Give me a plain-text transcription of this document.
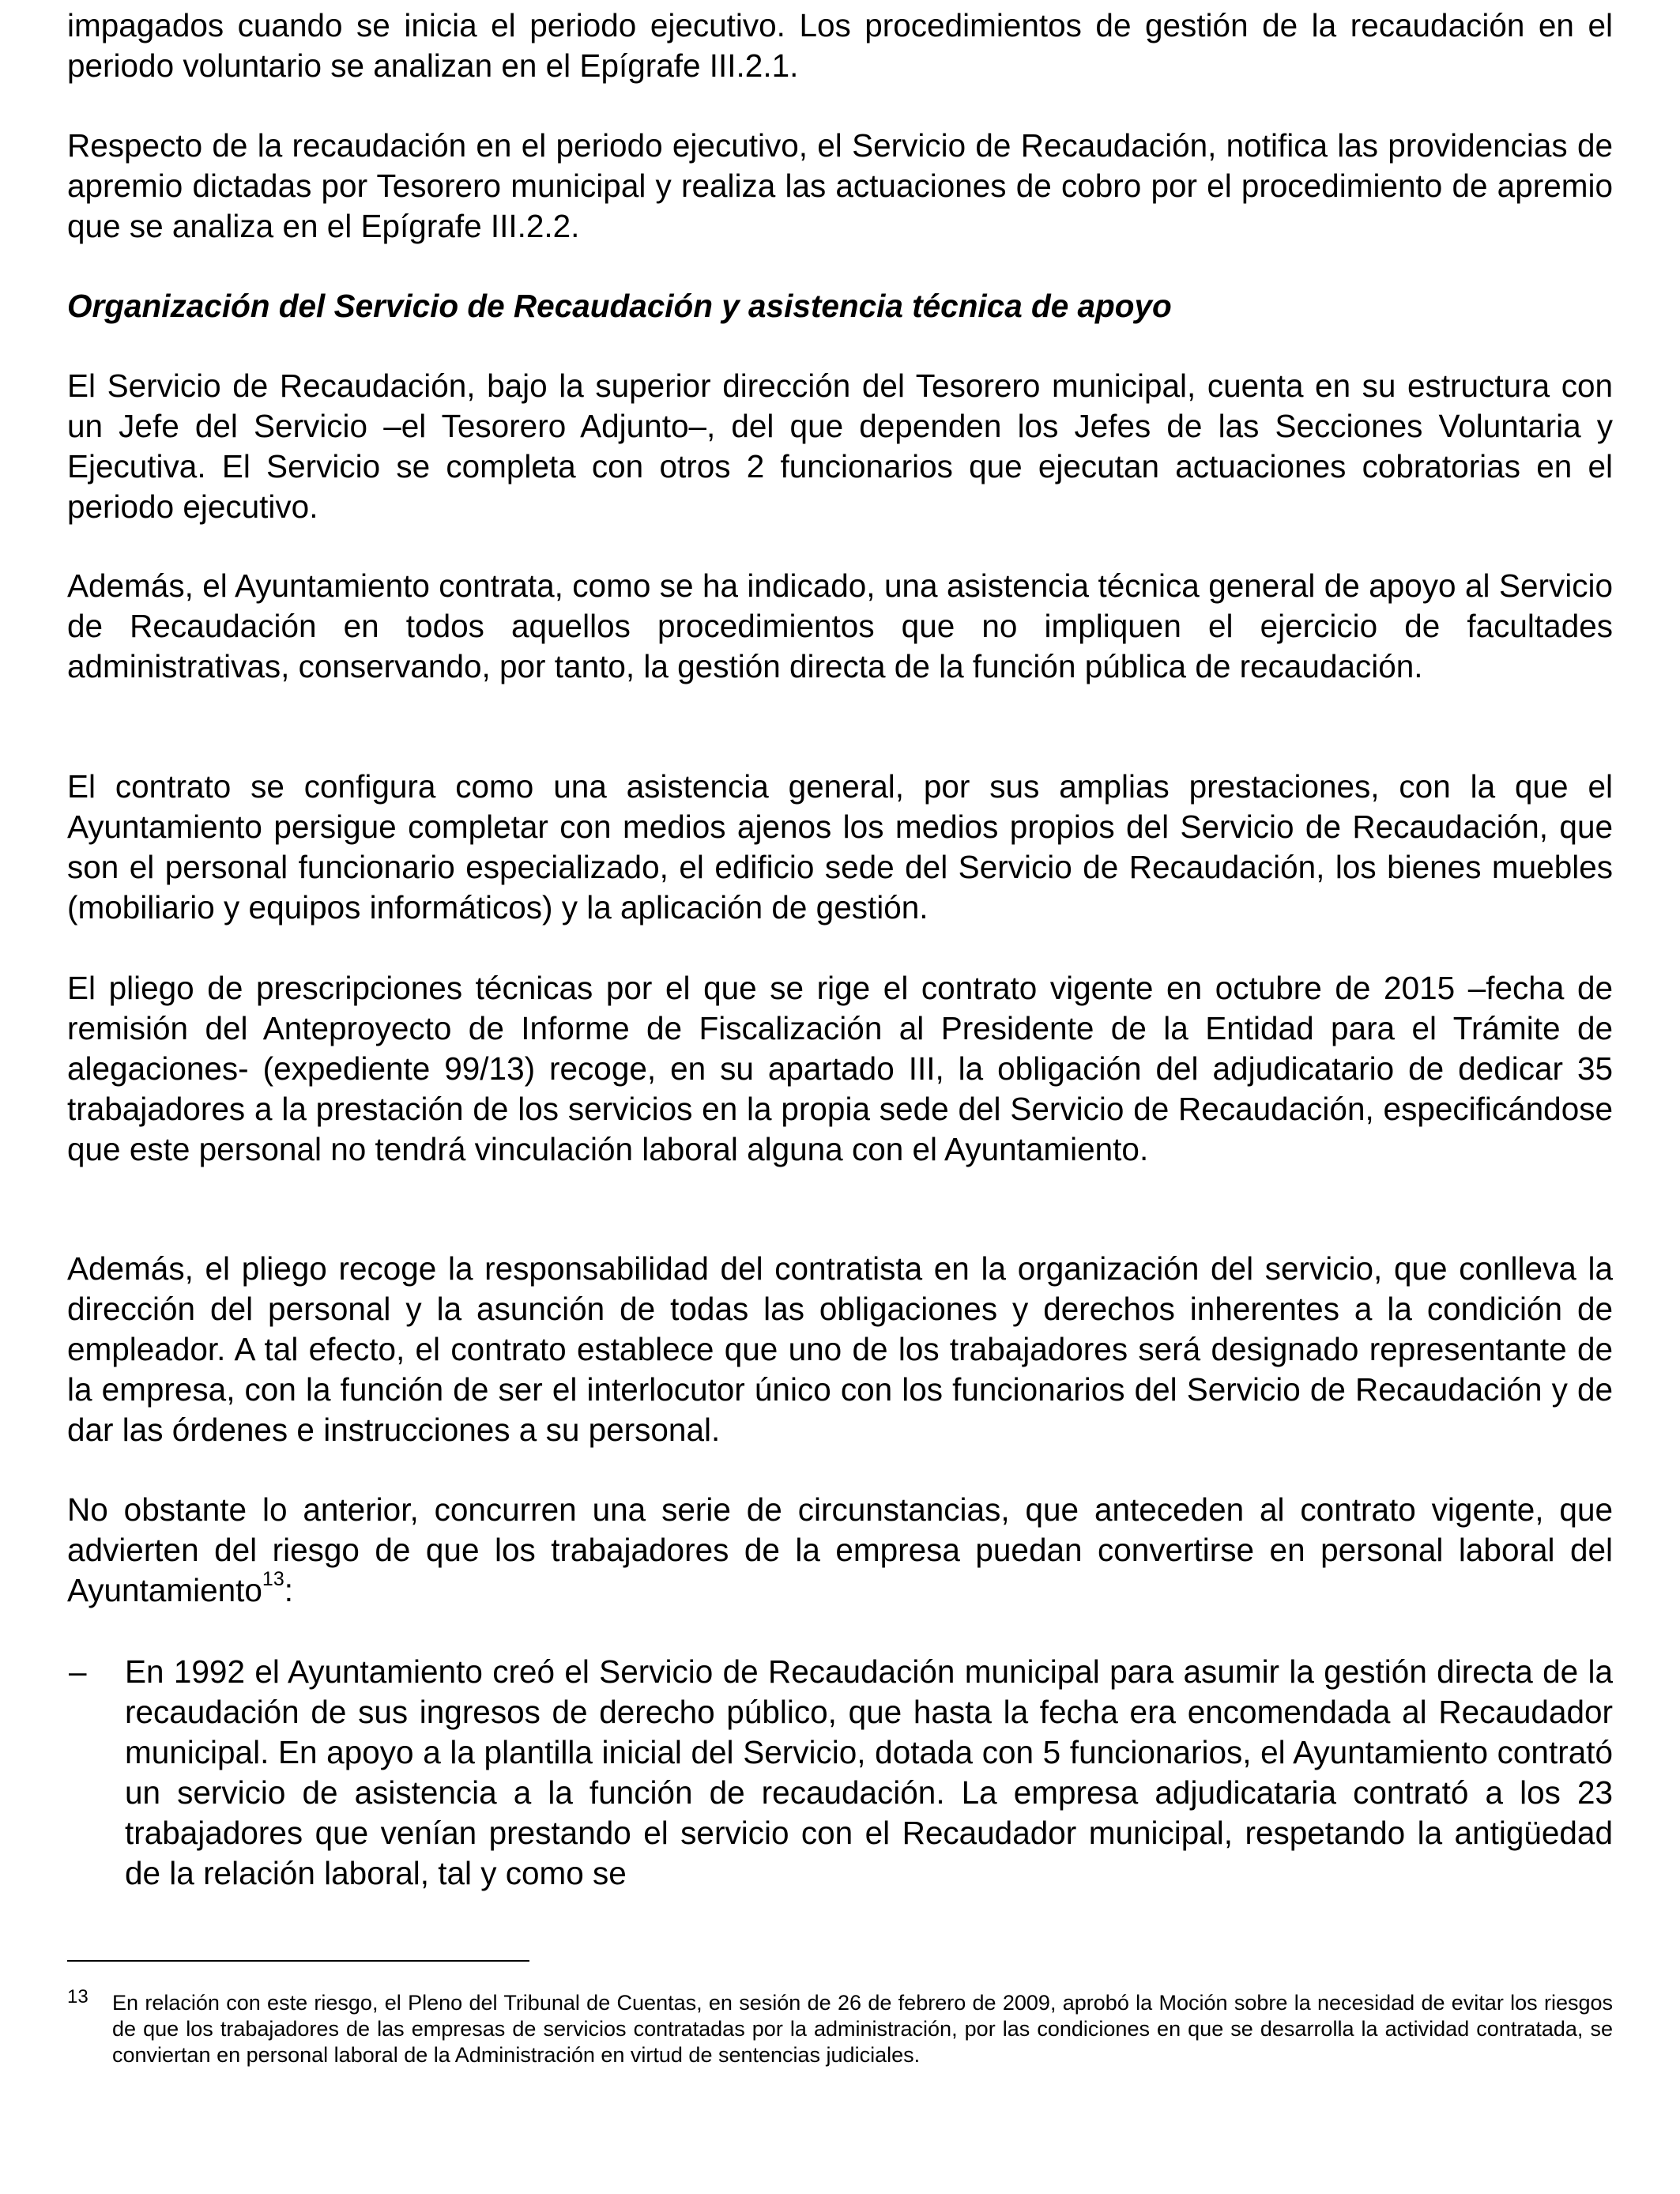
impagados cuando se inicia el periodo ejecutivo. Los procedimientos de gestión de la recaudación en el periodo voluntario se analizan en el Epígrafe III.2.1.

Respecto de la recaudación en el periodo ejecutivo, el Servicio de Recaudación, notifica las providencias de apremio dictadas por Tesorero municipal y realiza las actuaciones de cobro por el procedimiento de apremio que se analiza en el Epígrafe III.2.2.

Organización del Servicio de Recaudación y asistencia técnica de apoyo

El Servicio de Recaudación, bajo la superior dirección del Tesorero municipal, cuenta en su estructura con un Jefe del Servicio –el Tesorero Adjunto–, del que dependen los Jefes de las Secciones Voluntaria y Ejecutiva. El Servicio se completa con otros 2 funcionarios que ejecutan actuaciones cobratorias en el periodo ejecutivo.

Además, el Ayuntamiento contrata, como se ha indicado, una asistencia técnica general de apoyo al Servicio de Recaudación en todos aquellos procedimientos que no impliquen el ejercicio de facultades administrativas, conservando, por tanto, la gestión directa de la función pública de recaudación.

El contrato se configura como una asistencia general, por sus amplias prestaciones, con la que el Ayuntamiento persigue completar con medios ajenos los medios propios del Servicio de Recaudación, que son el personal funcionario especializado, el edificio sede del Servicio de Recaudación, los bienes muebles (mobiliario y equipos informáticos) y la aplicación de gestión.

El pliego de prescripciones técnicas por el que se rige el contrato vigente en octubre de 2015 –fecha de remisión del Anteproyecto de Informe de Fiscalización al Presidente de la Entidad para el Trámite de alegaciones- (expediente 99/13) recoge, en su apartado III, la obligación del adjudicatario de dedicar 35 trabajadores a la prestación de los servicios en la propia sede del Servicio de Recaudación, especificándose que este personal no tendrá vinculación laboral alguna con el Ayuntamiento.

Además, el pliego recoge la responsabilidad del contratista en la organización del servicio, que conlleva la dirección del personal y la asunción de todas las obligaciones y derechos inherentes a la condición de empleador. A tal efecto, el contrato establece que uno de los trabajadores será designado representante de la empresa, con la función de ser el interlocutor único con los funcionarios del Servicio de Recaudación y de dar las órdenes e instrucciones a su personal.

No obstante lo anterior, concurren una serie de circunstancias, que anteceden al contrato vigente, que advierten del riesgo de que los trabajadores de la empresa puedan convertirse en personal laboral del Ayuntamiento$^{13}$:

– En 1992 el Ayuntamiento creó el Servicio de Recaudación municipal para asumir la gestión directa de la recaudación de sus ingresos de derecho público, que hasta la fecha era encomendada al Recaudador municipal. En apoyo a la plantilla inicial del Servicio, dotada con 5 funcionarios, el Ayuntamiento contrató un servicio de asistencia a la función de recaudación. La empresa adjudicataria contrató a los 23 trabajadores que venían prestando el servicio con el Recaudador municipal, respetando la antigüedad de la relación laboral, tal y como se
13	En relación con este riesgo, el Pleno del Tribunal de Cuentas, en sesión de 26 de febrero de 2009, aprobó la Moción sobre la necesidad de evitar los riesgos de que los trabajadores de las empresas de servicios contratadas por la administración, por las condiciones en que se desarrolla la actividad contratada, se conviertan en personal laboral de la Administración en virtud de sentencias judiciales.
